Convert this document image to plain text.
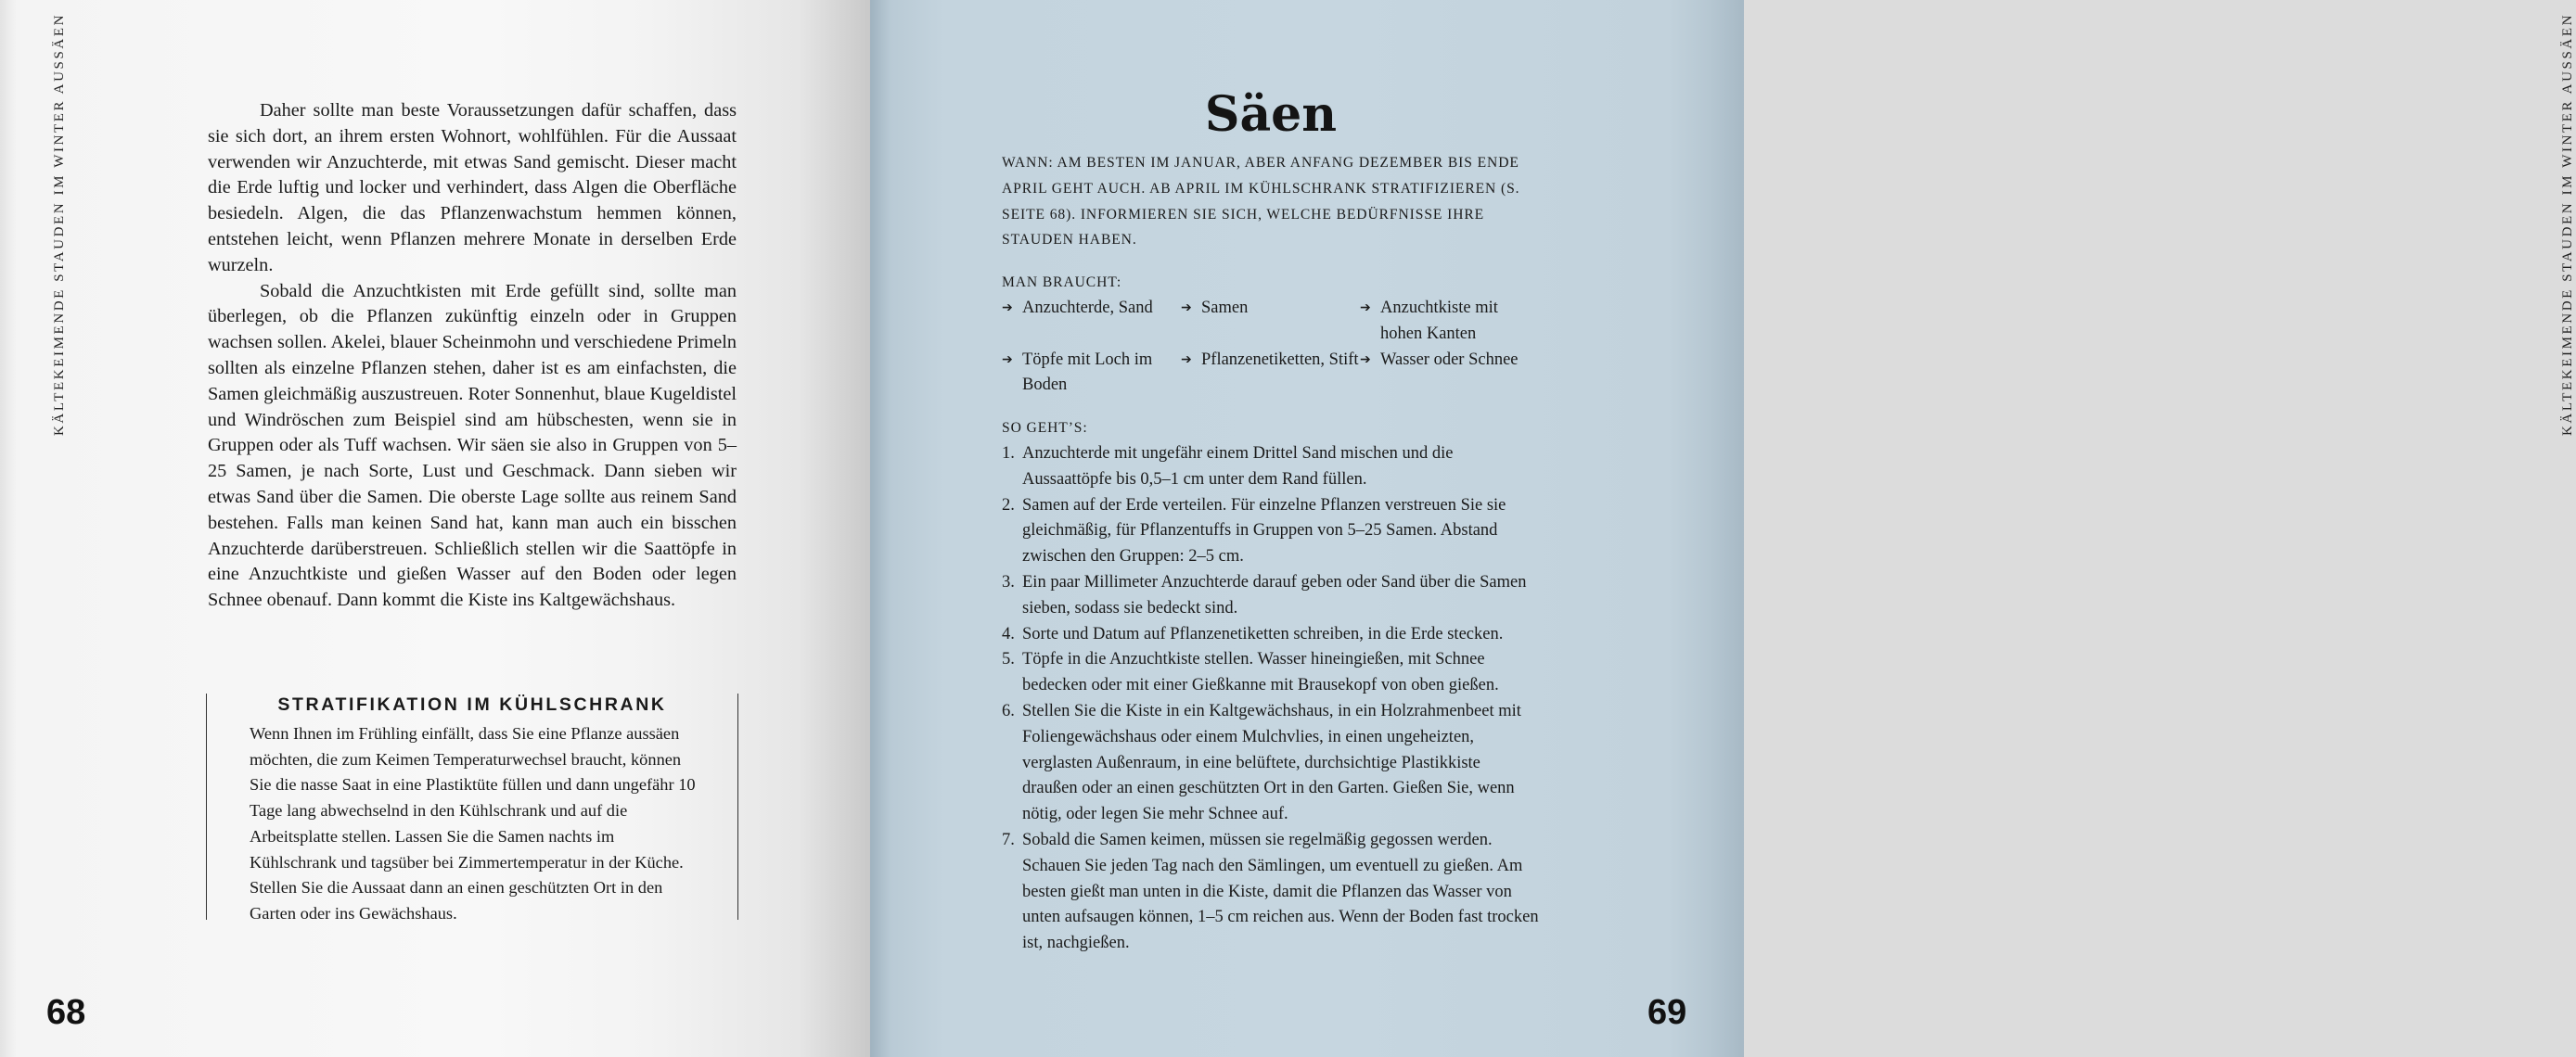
KÄLTEKEIMENDE STAUDEN IM WINTER AUSSÄEN	Daher sollte man beste Voraussetzungen dafür schaffen, dass sie sich dort, an ihrem ersten Wohnort, wohlfühlen. Für die Aussaat verwenden wir Anzuchterde, mit etwas Sand gemischt. Dieser macht die Erde luftig und locker und verhindert, dass Algen die Oberfläche besiedeln. Algen, die das Pflanzenwachstum hemmen können, entstehen leicht, wenn Pflanzen mehrere Monate in derselben Erde wurzeln.

Sobald die Anzuchtkisten mit Erde gefüllt sind, sollte man überlegen, ob die Pflanzen zukünftig einzeln oder in Gruppen wachsen sollen. Akelei, blauer Scheinmohn und verschiedene Primeln sollten als einzelne Pflanzen stehen, daher ist es am einfachsten, die Samen gleichmäßig auszustreuen. Roter Sonnenhut, blaue Kugeldistel und Windröschen zum Beispiel sind am hübschesten, wenn sie in Gruppen oder als Tuff wachsen. Wir säen sie also in Gruppen von 5–25 Samen, je nach Sorte, Lust und Geschmack. Dann sieben wir etwas Sand über die Samen. Die oberste Lage sollte aus reinem Sand bestehen. Falls man keinen Sand hat, kann man auch ein bisschen Anzuchterde darüberstreuen. Schließlich stellen wir die Saattöpfe in eine Anzuchtkiste und gießen Wasser auf den Boden oder legen Schnee obenauf. Dann kommt die Kiste ins Kaltgewächshaus.

STRATIFIKATION IM KÜHLSCHRANK
Wenn Ihnen im Frühling einfällt, dass Sie eine Pflanze aussäen möchten, die zum Keimen Temperaturwechsel braucht, können Sie die nasse Saat in eine Plastiktüte füllen und dann ungefähr 10 Tage lang abwechselnd in den Kühlschrank und auf die Arbeitsplatte stellen. Lassen Sie die Samen nachts im Kühlschrank und tagsüber bei Zimmertemperatur in der Küche. Stellen Sie die Aussaat dann an einen geschützten Ort in den Garten oder ins Gewächshaus.
68
KÄLTEKEIMENDE STAUDEN IM WINTER AUSSÄEN
Säen

WANN: AM BESTEN IM JANUAR, ABER ANFANG DEZEMBER BIS ENDE APRIL GEHT AUCH. AB APRIL IM KÜHLSCHRANK STRATIFIZIEREN (S. SEITE 68). INFORMIEREN SIE SICH, WELCHE BEDÜRFNISSE IHRE STAUDEN HABEN.

MAN BRAUCHT:

➔ Anzuchterde, Sand ➔ Samen	➔ Anzuchtkiste mit hohen Kanten
➔ Töpfe mit Loch im Boden
➔ Pflanzenetiketten, Stift ➔ Wasser oder Schnee

SO GEHT’S:

1. Anzuchterde mit ungefähr einem Drittel Sand mischen und die Aussaattöpfe bis 0,5–1 cm unter dem Rand füllen.
2. Samen auf der Erde verteilen. Für einzelne Pflanzen verstreuen Sie sie gleichmäßig, für Pflanzentuffs in Gruppen von 5–25 Samen. Abstand zwischen den Gruppen: 2–5 cm.
3. Ein paar Millimeter Anzuchterde darauf geben oder Sand über die Samen sieben, sodass sie bedeckt sind.
4. Sorte und Datum auf Pflanzenetiketten schreiben, in die Erde stecken.
5. Töpfe in die Anzuchtkiste stellen. Wasser hineingießen, mit Schnee bedecken oder mit einer Gießkanne mit Brausekopf von oben gießen.
6. Stellen Sie die Kiste in ein Kaltgewächshaus, in ein Holzrahmenbeet mit Foliengewächshaus oder einem Mulchvlies, in einen ungeheizten, verglasten Außenraum, in eine belüftete, durchsichtige Plastikkiste draußen oder an einen geschützten Ort in den Garten. Gießen Sie, wenn nötig, oder legen Sie mehr Schnee auf.
7. Sobald die Samen keimen, müssen sie regelmäßig gegossen werden. Schauen Sie jeden Tag nach den Sämlingen, um eventuell zu gießen. Am besten gießt man unten in die Kiste, damit die Pflanzen das Wasser von unten aufsaugen können, 1–5 cm reichen aus. Wenn der Boden fast trocken ist, nachgießen.
69
